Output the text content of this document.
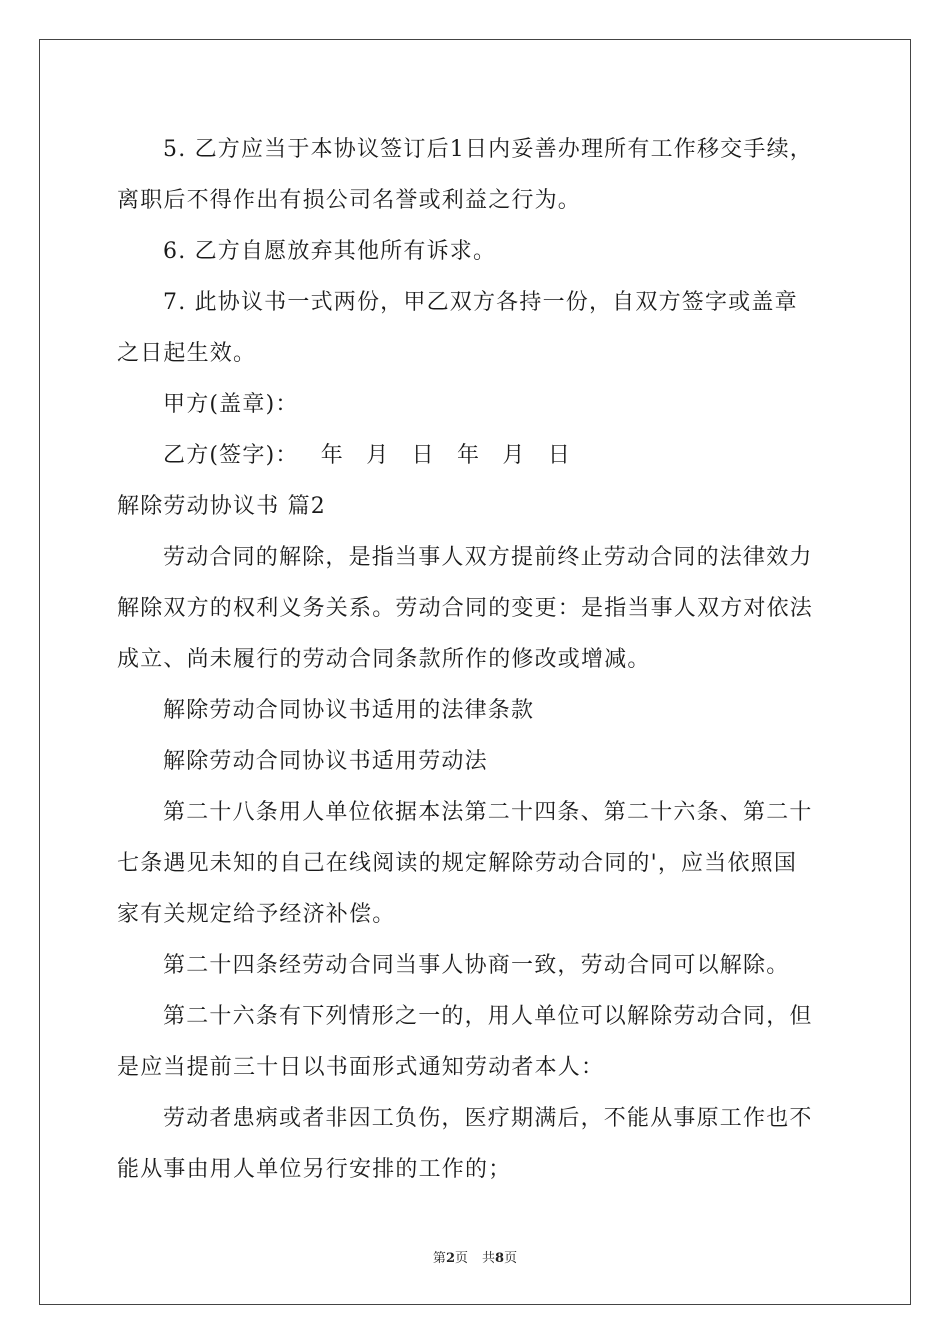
5. 乙方应当于本协议签订后1日内妥善办理所有工作移交手续，
离职后不得作出有损公司名誉或利益之行为。
6. 乙方自愿放弃其他所有诉求。
7. 此协议书一式两份，甲乙双方各持一份，自双方签字或盖章
之日起生效。
甲方(盖章)：
乙方(签字)： 年 月 日 年 月 日
解除劳动协议书 篇2
劳动合同的解除，是指当事人双方提前终止劳动合同的法律效力
解除双方的权利义务关系。劳动合同的变更：是指当事人双方对依法
成立、尚未履行的劳动合同条款所作的修改或增减。
解除劳动合同协议书适用的法律条款
解除劳动合同协议书适用劳动法
第二十八条用人单位依据本法第二十四条、第二十六条、第二十
七条遇见未知的自己在线阅读的规定解除劳动合同的'，应当依照国
家有关规定给予经济补偿。
第二十四条经劳动合同当事人协商一致，劳动合同可以解除。
第二十六条有下列情形之一的，用人单位可以解除劳动合同，但
是应当提前三十日以书面形式通知劳动者本人：
劳动者患病或者非因工负伤，医疗期满后，不能从事原工作也不
能从事由用人单位另行安排的工作的；
第2页 共8页
